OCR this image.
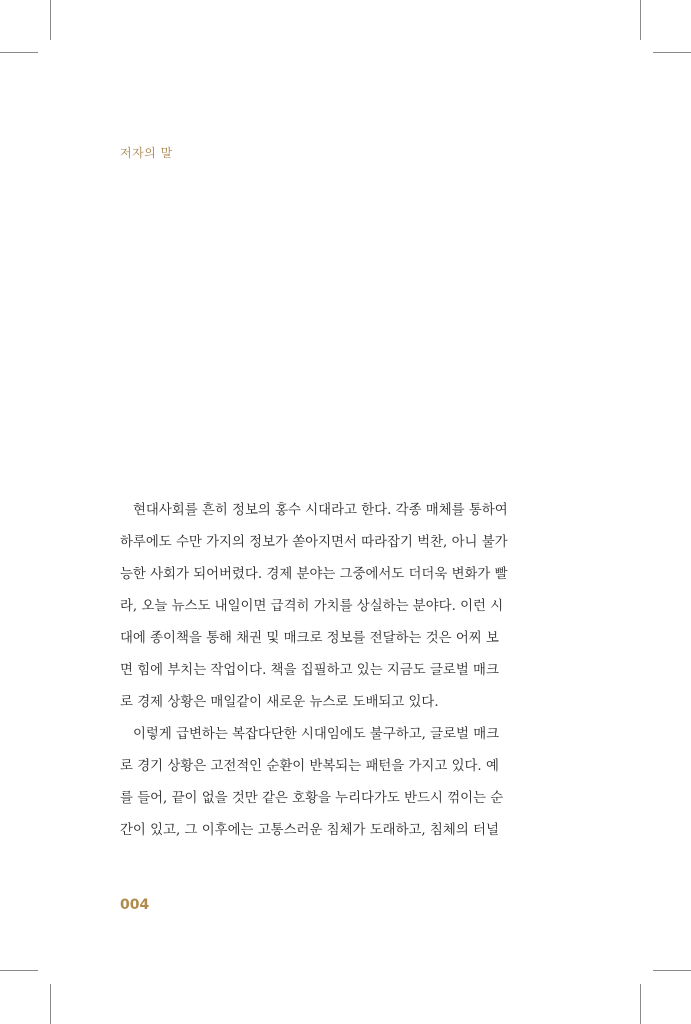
저자의 말
현대사회를 흔히 정보의 홍수 시대라고 한다. 각종 매체를 통하여
하루에도 수만 가지의 정보가 쏟아지면서 따라잡기 벅찬, 아니 불가
능한 사회가 되어버렸다. 경제 분야는 그중에서도 더더욱 변화가 빨
라, 오늘 뉴스도 내일이면 급격히 가치를 상실하는 분야다. 이런 시
대에 종이책을 통해 채권 및 매크로 정보를 전달하는 것은 어찌 보
면 힘에 부치는 작업이다. 책을 집필하고 있는 지금도 글로벌 매크
로 경제 상황은 매일같이 새로운 뉴스로 도배되고 있다.
이렇게 급변하는 복잡다단한 시대임에도 불구하고, 글로벌 매크
로 경기 상황은 고전적인 순환이 반복되는 패턴을 가지고 있다. 예
를 들어, 끝이 없을 것만 같은 호황을 누리다가도 반드시 꺾이는 순
간이 있고, 그 이후에는 고통스러운 침체가 도래하고, 침체의 터널
004
